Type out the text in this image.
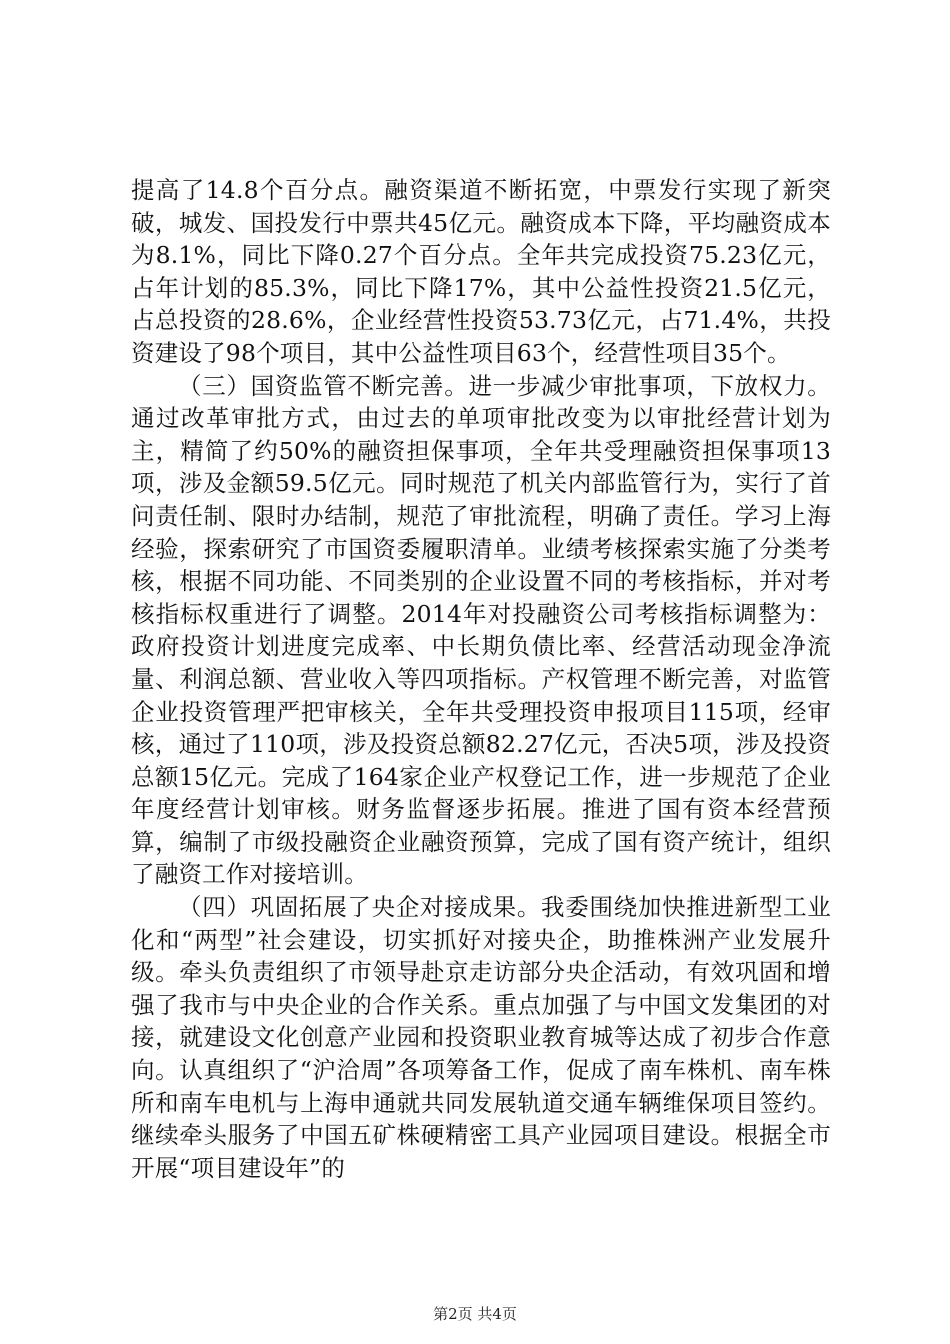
提高了14.8个百分点。融资渠道不断拓宽，中票发行实现了新突破，城发、国投发行中票共45亿元。融资成本下降，平均融资成本为8.1%，同比下降0.27个百分点。全年共完成投资75.23亿元，占年计划的85.3%，同比下降17%，其中公益性投资21.5亿元，占总投资的28.6%，企业经营性投资53.73亿元，占71.4%，共投资建设了98个项目，其中公益性项目63个，经营性项目35个。

（三）国资监管不断完善。进一步减少审批事项，下放权力。通过改革审批方式，由过去的单项审批改变为以审批经营计划为主，精简了约50%的融资担保事项，全年共受理融资担保事项13项，涉及金额59.5亿元。同时规范了机关内部监管行为，实行了首问责任制、限时办结制，规范了审批流程，明确了责任。学习上海经验，探索研究了市国资委履职清单。业绩考核探索实施了分类考核，根据不同功能、不同类别的企业设置不同的考核指标，并对考核指标权重进行了调整。2014年对投融资公司考核指标调整为：政府投资计划进度完成率、中长期负债比率、经营活动现金净流量、利润总额、营业收入等四项指标。产权管理不断完善，对监管企业投资管理严把审核关，全年共受理投资申报项目115项，经审核，通过了110项，涉及投资总额82.27亿元，否决5项，涉及投资总额15亿元。完成了164家企业产权登记工作，进一步规范了企业年度经营计划审核。财务监督逐步拓展。推进了国有资本经营预算，编制了市级投融资企业融资预算，完成了国有资产统计，组织了融资工作对接培训。

（四）巩固拓展了央企对接成果。我委围绕加快推进新型工业化和“两型”社会建设，切实抓好对接央企，助推株洲产业发展升级。牵头负责组织了市领导赴京走访部分央企活动，有效巩固和增强了我市与中央企业的合作关系。重点加强了与中国文发集团的对接，就建设文化创意产业园和投资职业教育城等达成了初步合作意向。认真组织了“沪洽周”各项筹备工作，促成了南车株机、南车株所和南车电机与上海申通就共同发展轨道交通车辆维保项目签约。继续牵头服务了中国五矿株硬精密工具产业园项目建设。根据全市开展“项目建设年”的

第2页 共4页
